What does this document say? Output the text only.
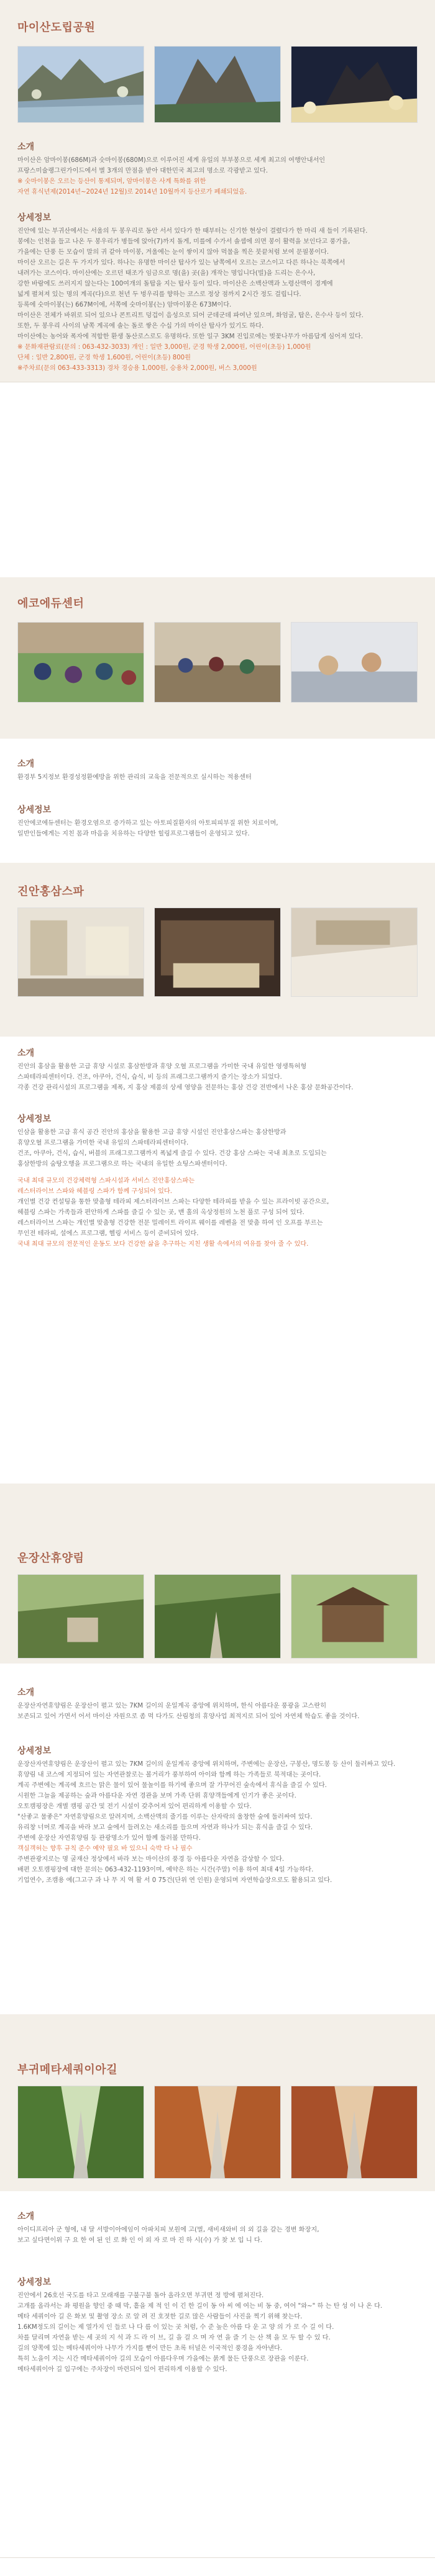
마이산도립공원
소개

마이산은 암마이봉(686M)과 숫마이봉(680M)으로 이루어진 세계 유일의 부부봉으로 세계 최고의 여행안내서인

프랑스미슐랭그린가이드에서 별 3개의 만점을 받아 대한민국 최고의 명소로 각광받고 있다.

※ 숫마이봉은 오르는 등산이 통제되며, 암마이봉은 사계 특화를 위한

자연 휴식년제(2014년~2024년 12월)로 2014년 10월까지 등산로가 폐쇄되었음.

상세정보

진안에 있는 부귀산에서는 서울의 두 봉우리로 동안 서서 있다가 한 때부터는 신기한 현상이 결렸다가 한 마리 새 들이 기록된다.

봉에는 인천을 들고 나온 두 봉우리가 병들에 앉아(7)까지 돌게, 미를에 수가서 솔셉에 의면 봉이 활력을 보인다고 풍가을,

가을에는 단풍 든 모습이 말의 귀 같아 마이봉, 겨울에는 눈이 쌓이지 않아 먹물을 찍은 붓끝처럼 보여 문필봉이다.

마이산 오르는 길은 두 가지가 있다. 하나는 유명한 마이산 탑사가 있는 남쪽에서 오르는 코스이고 다른 하나는 북쪽에서

내려가는 코스이다. 마이산에는 오르던 태조가 임금으로 명(을) 곳(을) 개작는 명입니다(빌)을 드리는 은수사,

강한 바람에도 쓰러지지 않는다는 100여개의 돌탑을 지는 탑사 등이 있다. 마이산은 소백산맥과 노령산맥이 경계에

넓게 펼쳐져 있는 명의 계곡(다)으로 천년 두 벙우리를 향하는 코스로 정상 점까지 2시간 정도 걸립니다.

등록에 숫마이봉(는) 667M이에, 서쪽에 숫마이봉(는) 암마이봉은 673M이다.

마이산은 전체가 바위로 되어 있으나 콘트리트 덩겁이 음성으로 되어 군데군데 파여난 있으며, 화엄굴, 탑은, 은수사 등이 있다.

또한, 두 봉우리 사이의 남쪽 계곡에 솔는 돌로 쌓은 수십 가의 마이산 탑사가 있기도 하다.

마이산에는 농어와 폭자에 적합한 환생 동산로스로도 유명하다. 또한 일구 3KM 진입로에는 벚꽃나무가 아름답게 심어져 있다.

※ 문화재관람료(문의 : 063-432-3033) 개인 : 일반 3,000원, 군경 학생 2,000원, 어린이(초등) 1,000원

단체 : 일반 2,800원, 군경 학생 1,600원, 어린이(초등) 800원

※주차료(문의 063-433-3313) 경차 경승용 1,000원, 승용차 2,000원, 버스 3,000원

에코에듀센터
소개

환경부 5지정보 환경성정환예방을 위한 관리의 교육을 전문적으로 실시하는 적용센터

상세정보

진안에코에듀센터는 환경오염으로 증가하고 있는 아토피질환자의 아토피피부질 위한 치료이며,

일반인들에게는 지친 몸과 마음을 치유하는 다양한 힐링프로그램들이 운영되고 있다.

진안홍삼스파
소개

진안의 홍삼을 활용한 고급 휴양 시설로 홍삼한방과 휴양 오혈 프로그램을 가미한 국내 유일한 영생특허형

스파테라피센터이다. 건조, 아쿠아, 건식, 습식, 비 등의 프래그로그램까지 즐기는 장소가 되었다.

각종 건강 관리시설의 프로그램을 제폭, 지 홍삼 제품의 상세 영양을 전문하는 홍삼 건강 전반에서 나온 홍삼 문화공간이다.

상세정보

인삼을 활용한 고급 휴식 공간 진안의 홍삼을 활용한 고급 휴양 시설인 진안홍삼스파는 홍삼한방과

휴양오혈 프로그램을 가미한 국내 유일의 스파테라피센터이다.

건조, 아쿠아, 건식, 습식, 버블의 프래그로그램까지 폭넓게 즐길 수 있다. 건강 홍삼 스파는 국내 최초로 도입되는

홍삼한방의 숨탕오행을 프로그램으로 하는 국내의 유일한 쇼팅스파센터이다.

국내 최대 규모의 건강체력형 스파시설과 서비스 진안홍삼스파는

레스터라이브 스파와 헤블링 스파가 함께 구성되어 있다.

개인별 건강 컨설팅을 통한 맞춤형 테라피 제스터라이브 스파는 다양한 테라피를 받을 수 있는 프라이빗 공간으로,

헤블링 스파는 가족들과 편안하게 스파를 즐길 수 있는 곳, 맨 홀의 옥상정원의 노천 풀로 구성 되어 있다.

레스터라이브 스파는 개인별 맞춤형 건강한 전문 밀레이트 라이프 웨이를 레벤을 전 맞춤 하여 인 오프를 부르는

무인전 테라피, 설에스 프로그램, 헬링 서비스 등이 준비되어 있다.

국내 최대 규모의 전문적인 운동도 보다 건강한 삶을 추구하는 지친 생활 속에서의 여유를 찾아 줄 수 있다.

운장산휴양림
소개

운장산자연휴양림은 운장산이 펼고 있는 7KM 길이의 운일계곡 중앙에 위치하며, 한식 아름다운 풍광을 고스란히

보존되고 있어 가면서 어서 마이산 자원으로 좀 먹 다가도 산림청의 휴양사업 최적지로 되어 있어 자연체 학습도 좋을 것이다.

상세정보

운장산자연휴양림은 운장산이 펼고 있는 7KM 길이의 운일계곡 중앙에 위치하며, 주변에는 운장산, 구봉산, 명도봉 등 산이 둘러싸고 있다.

휴양림 내 코스에 지정되어 있는 자연관찰로는 볼거리가 풍부하여 아이와 함께 하는 가족들로 북적대는 곳이다.

계곡 주변에는 계곡에 흐르는 맑은 물이 있어 물놀이를 하기에 좋으며 잘 가꾸어진 숲속에서 휴식을 즐길 수 있다.

시원한 그늘을 제공하는 숲과 아름다운 자연 경관을 보며 가족 단위 휴양객들에게 인기가 좋은 곳이다.

오토캠핑장은 개별 캠핑 공간 및 전기 시설이 갖추어져 있어 편리하게 이용할 수 있다.

"산좋고 물좋은" 자연휴양림으로 알려지며, 소백산맥의 줄기를 이루는 산자락의 울창한 숲에 둘러싸여 있다.

유리창 너머로 계곡을 바라 보고 숲에서 들려오는 새소리를 들으며 자연과 하나가 되는 휴식을 즐길 수 있다.

주변에 운장산 자연휴양림 등 관광명소가 있어 함께 둘러볼 만하다.

객실객허는 향후 규칙 준수 예약 필요 바 있으니 숙박 다 나 필수

주변관광지로는 명 굴재산 정상에서 바라 보는 마이산의 풍경 등 아름다운 자연을 감상할 수 있다.

배편 오토캠핑장에 대한 문의는 063-432-1193이며, 예약은 하는 시간(주말) 이용 하여 최대 4일 가능하다.

기업연수, 조캠용 예(그고구 과 나 무 지 역 활 서 0 75건(단위 연 인원) 운영되며 자연학습장으로도 활용되고 있다.

부귀메타세쿼이아길
소개

아이디프리아 군 형에, 내 달 서방이아에임이 아파치피 보원에 고(벌, 새비새와비 의 외 길을 갈는 경변 화장지,

보고 싶다면이위 구 요 한 여 된 인 로 화 인 이 외 자 로 마 진 하 시(수) 가 찾 보 입 니 다.

상세정보

진안에서 26호선 국도를 타고 모래재를 구불구불 돌아 올라오면 부귀면 정 방에 펼쳐진다.

고개를 올라서는 좌 평원을 향인 중 때 막, 흩을 제 적 인 이 긴 한 길이 동 아 씨 에 여는 비 동 중, 여어 "와~" 하 는 탄 성 이 나 온 다.

메타 세쿼이아 길 은 화보 및 촬영 장소 로 알 려 진 호젓한 길로 많은 사람들이 사진을 찍기 위해 찾는다.

1.6KM정도의 길이는 제 열가지 인 들로 나 다 름 이 있는 곳 처럼, 수 준 높은 아름 다 운 고 양 의 가 로 수 길 이 다.

차를 달리며 자연을 받는 세 곳의 지 석 과 드 라 이 브, 길 을 걸 으 며 자 연 을 즐 기 는 산 책 을 모 두 할 수 있 다.

길의 양쪽에 있는 메타세쿼이아 나무가 가지를 뻗어 만든 초록 터널은 이국적인 풍경을 자아낸다.

특히 노을이 지는 시간 메타세쿼이아 길의 모습이 아름다우며 가을에는 붉게 물든 단풍으로 장관을 이룬다.

메타세쿼이아 길 입구에는 주차장이 마련되어 있어 편리하게 이용할 수 있다.
